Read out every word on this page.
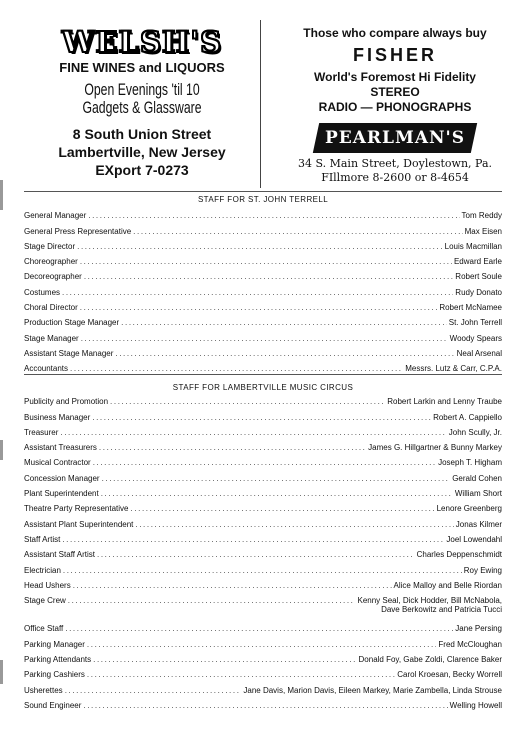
WELSH'S
FINE WINES and LIQUORS
Open Evenings 'til 10
Gadgets & Glassware
8 South Union Street
Lambertville, New Jersey
EXport 7-0273
Those who compare always buy
FISHER
World's Foremost Hi Fidelity
STEREO
RADIO — PHONOGRAPHS
PEARLMAN'S
34 S. Main Street, Doylestown, Pa.
FIllmore 8-2600 or 8-4654
STAFF FOR ST. JOHN TERRELL
General Manager .....	Tom Reddy
General Press Representative .....	Max Eisen
Stage Director .....	Louis Macmillan
Choreographer .....	Edward Earle
Decoreographer .....	Robert Soule
Costumes .....	Rudy Donato
Choral Director .....	Robert McNamee
Production Stage Manager .....	St. John Terrell
Stage Manager .....	Woody Spears
Assistant Stage Manager .....	Neal Arsenal
Accountants .....	Messrs. Lutz & Carr, C.P.A.
STAFF FOR LAMBERTVILLE MUSIC CIRCUS
Publicity and Promotion .....	Robert Larkin and Lenny Traube
Business Manager .....	Robert A. Cappiello
Treasurer .....	John Scully, Jr.
Assistant Treasurers .....	James G. Hillgartner & Bunny Markey
Musical Contractor .....	Joseph T. Higham
Concession Manager .....	Gerald Cohen
Plant Superintendent .....	William Short
Theatre Party Representative .....	Lenore Greenberg
Assistant Plant Superintendent .....	Jonas Kilmer
Staff Artist .....	Joel Lowendahl
Assistant Staff Artist .....	Charles Deppenschmidt
Electrician .....	Roy Ewing
Head Ushers .....	Alice Malloy and Belle Riordan
Stage Crew .....	Kenny Seal, Dick Hodder, Bill McNabola,
Dave Berkowitz and Patricia Tucci
Office Staff .....	Jane Persing
Parking Manager .....	Fred McCloughan
Parking Attendants .....	Donald Foy, Gabe Zoldi, Clarence Baker
Parking Cashiers .....	Carol Kroesan, Becky Worrell
Usherettes .....	Jane Davis, Marion Davis, Eileen Markey, Marie Zambella, Linda Strouse
Sound Engineer .....	Welling Howell
